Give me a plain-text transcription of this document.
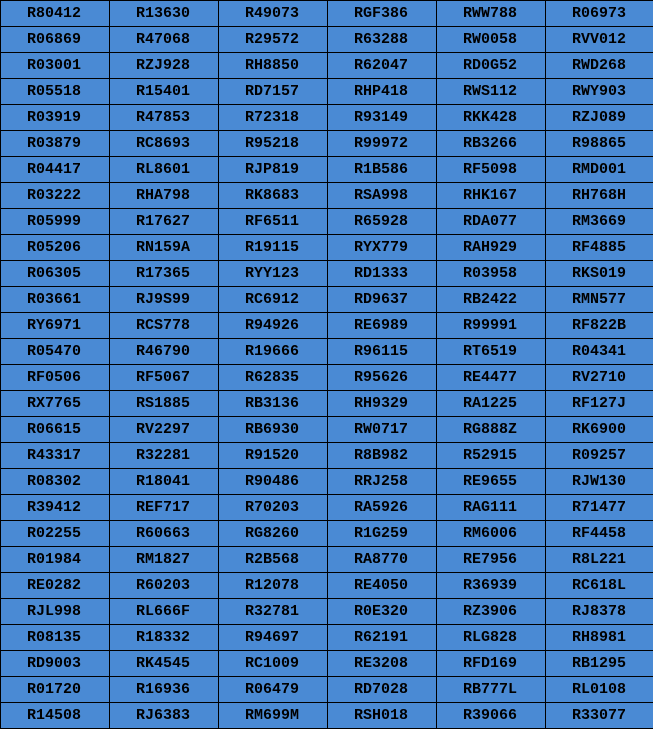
R80412	R13630	R49073	RGF386	RWW788	R06973
R06869	R47068	R29572	R63288	RW0058	RVV012
R03001	RZJ928	RH8850	R62047	RD0G52	RWD268
R05518	R15401	RD7157	RHP418	RWS112	RWY903
R03919	R47853	R72318	R93149	RKK428	RZJ089
R03879	RC8693	R95218	R99972	RB3266	R98865
R04417	RL8601	RJP819	R1B586	RF5098	RMD001
R03222	RHA798	RK8683	RSA998	RHK167	RH768H
R05999	R17627	RF6511	R65928	RDA077	RM3669
R05206	RN159A	R19115	RYX779	RAH929	RF4885
R06305	R17365	RYY123	RD1333	R03958	RKS019
R03661	RJ9S99	RC6912	RD9637	RB2422	RMN577
RY6971	RCS778	R94926	RE6989	R99991	RF822B
R05470	R46790	R19666	R96115	RT6519	R04341
RF0506	RF5067	R62835	R95626	RE4477	RV2710
RX7765	RS1885	RB3136	RH9329	RA1225	RF127J
R06615	RV2297	RB6930	RW0717	RG888Z	RK6900
R43317	R32281	R91520	R8B982	R52915	R09257
R08302	R18041	R90486	RRJ258	RE9655	RJW130
R39412	REF717	R70203	RA5926	RAG111	R71477
R02255	R60663	RG8260	R1G259	RM6006	RF4458
R01984	RM1827	R2B568	RA8770	RE7956	R8L221
RE0282	R60203	R12078	RE4050	R36939	RC618L
RJL998	RL666F	R32781	R0E320	RZ3906	RJ8378
R08135	R18332	R94697	R62191	RLG828	RH8981
RD9003	RK4545	RC1009	RE3208	RFD169	RB1295
R01720	R16936	R06479	RD7028	RB777L	RL0108
R14508	RJ6383	RM699M	RSH018	R39066	R33077
